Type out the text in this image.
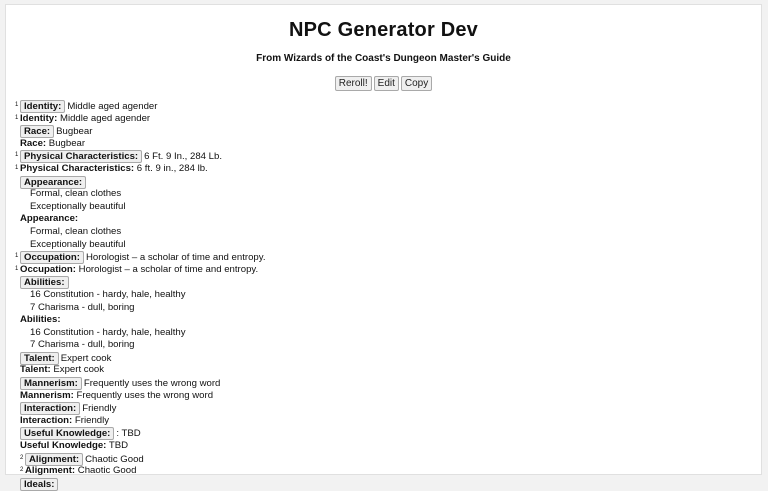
NPC Generator Dev
From Wizards of the Coast's Dungeon Master's Guide
Reroll! Edit Copy
1 Identity: Middle aged agender
1 Identity: Middle aged agender
Race: Bugbear
Race: Bugbear
1 Physical Characteristics: 6 Ft. 9 In., 284 Lb.
1 Physical Characteristics: 6 ft. 9 in., 284 lb.
Appearance:
Formal, clean clothes
Exceptionally beautiful
Appearance:
Formal, clean clothes
Exceptionally beautiful
1 Occupation: Horologist – a scholar of time and entropy.
1 Occupation: Horologist – a scholar of time and entropy.
Abilities:
16 Constitution - hardy, hale, healthy
7 Charisma - dull, boring
Abilities:
16 Constitution - hardy, hale, healthy
7 Charisma - dull, boring
Talent: Expert cook
Talent: Expert cook
Mannerism: Frequently uses the wrong word
Mannerism: Frequently uses the wrong word
Interaction: Friendly
Interaction: Friendly
Useful Knowledge: : TBD
Useful Knowledge: TBD
2 Alignment: Chaotic Good
2 Alignment: Chaotic Good
Ideals:
